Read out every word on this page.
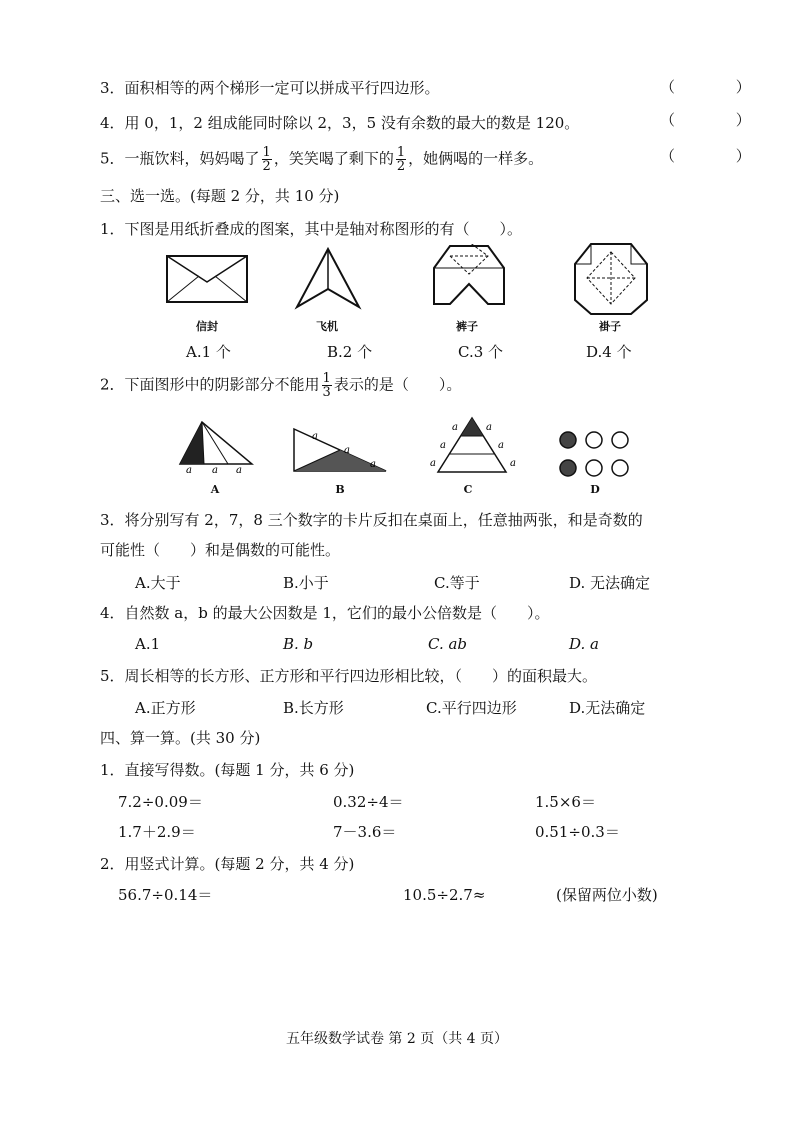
3．面积相等的两个梯形一定可以拼成平行四边形。	（ ）
4．用 0，1，2 组成能同时除以 2，3，5 没有余数的最大的数是 120。	（ ）
5．一瓶饮料，妈妈喝了 $\frac{1}{2}$ ，笑笑喝了剩下的 $\frac{1}{2}$ ，她俩喝的一样多。	（ ）
三、选一选。(每题 2 分，共 10 分)
1．下图是用纸折叠成的图案，其中是轴对称图形的有（　　）。
信封	飞机	裤子	褂子
A.1 个	B.2 个	C.3 个	D.4 个
2．下面图形中的阴影部分不能用 $\frac{1}{3}$ 表示的是（　　）。
a a a
a
a
a
a	a
a	a
a	a
A	B	C	D
3．将分别写有 2，7，8 三个数字的卡片反扣在桌面上，任意抽两张，和是奇数的
可能性（　　）和是偶数的可能性。
A.大于	B.小于	C.等于	D. 无法确定
4．自然数 a，b 的最大公因数是 1，它们的最小公倍数是（　　）。
A.1	B. b	C. ab	D. a
5．周长相等的长方形、正方形和平行四边形相比较，（　　）的面积最大。
A.正方形	B.长方形	C.平行四边形	D.无法确定
四、算一算。(共 30 分)
1．直接写得数。(每题 1 分，共 6 分)
7.2÷0.09＝	0.32÷4＝	1.5×6＝
1.7＋2.9＝	7－3.6＝	0.51÷0.3＝
2．用竖式计算。(每题 2 分，共 4 分)
56.7÷0.14＝	10.5÷2.7≈	(保留两位小数)
五年级数学试卷 第 2 页（共 4 页）
